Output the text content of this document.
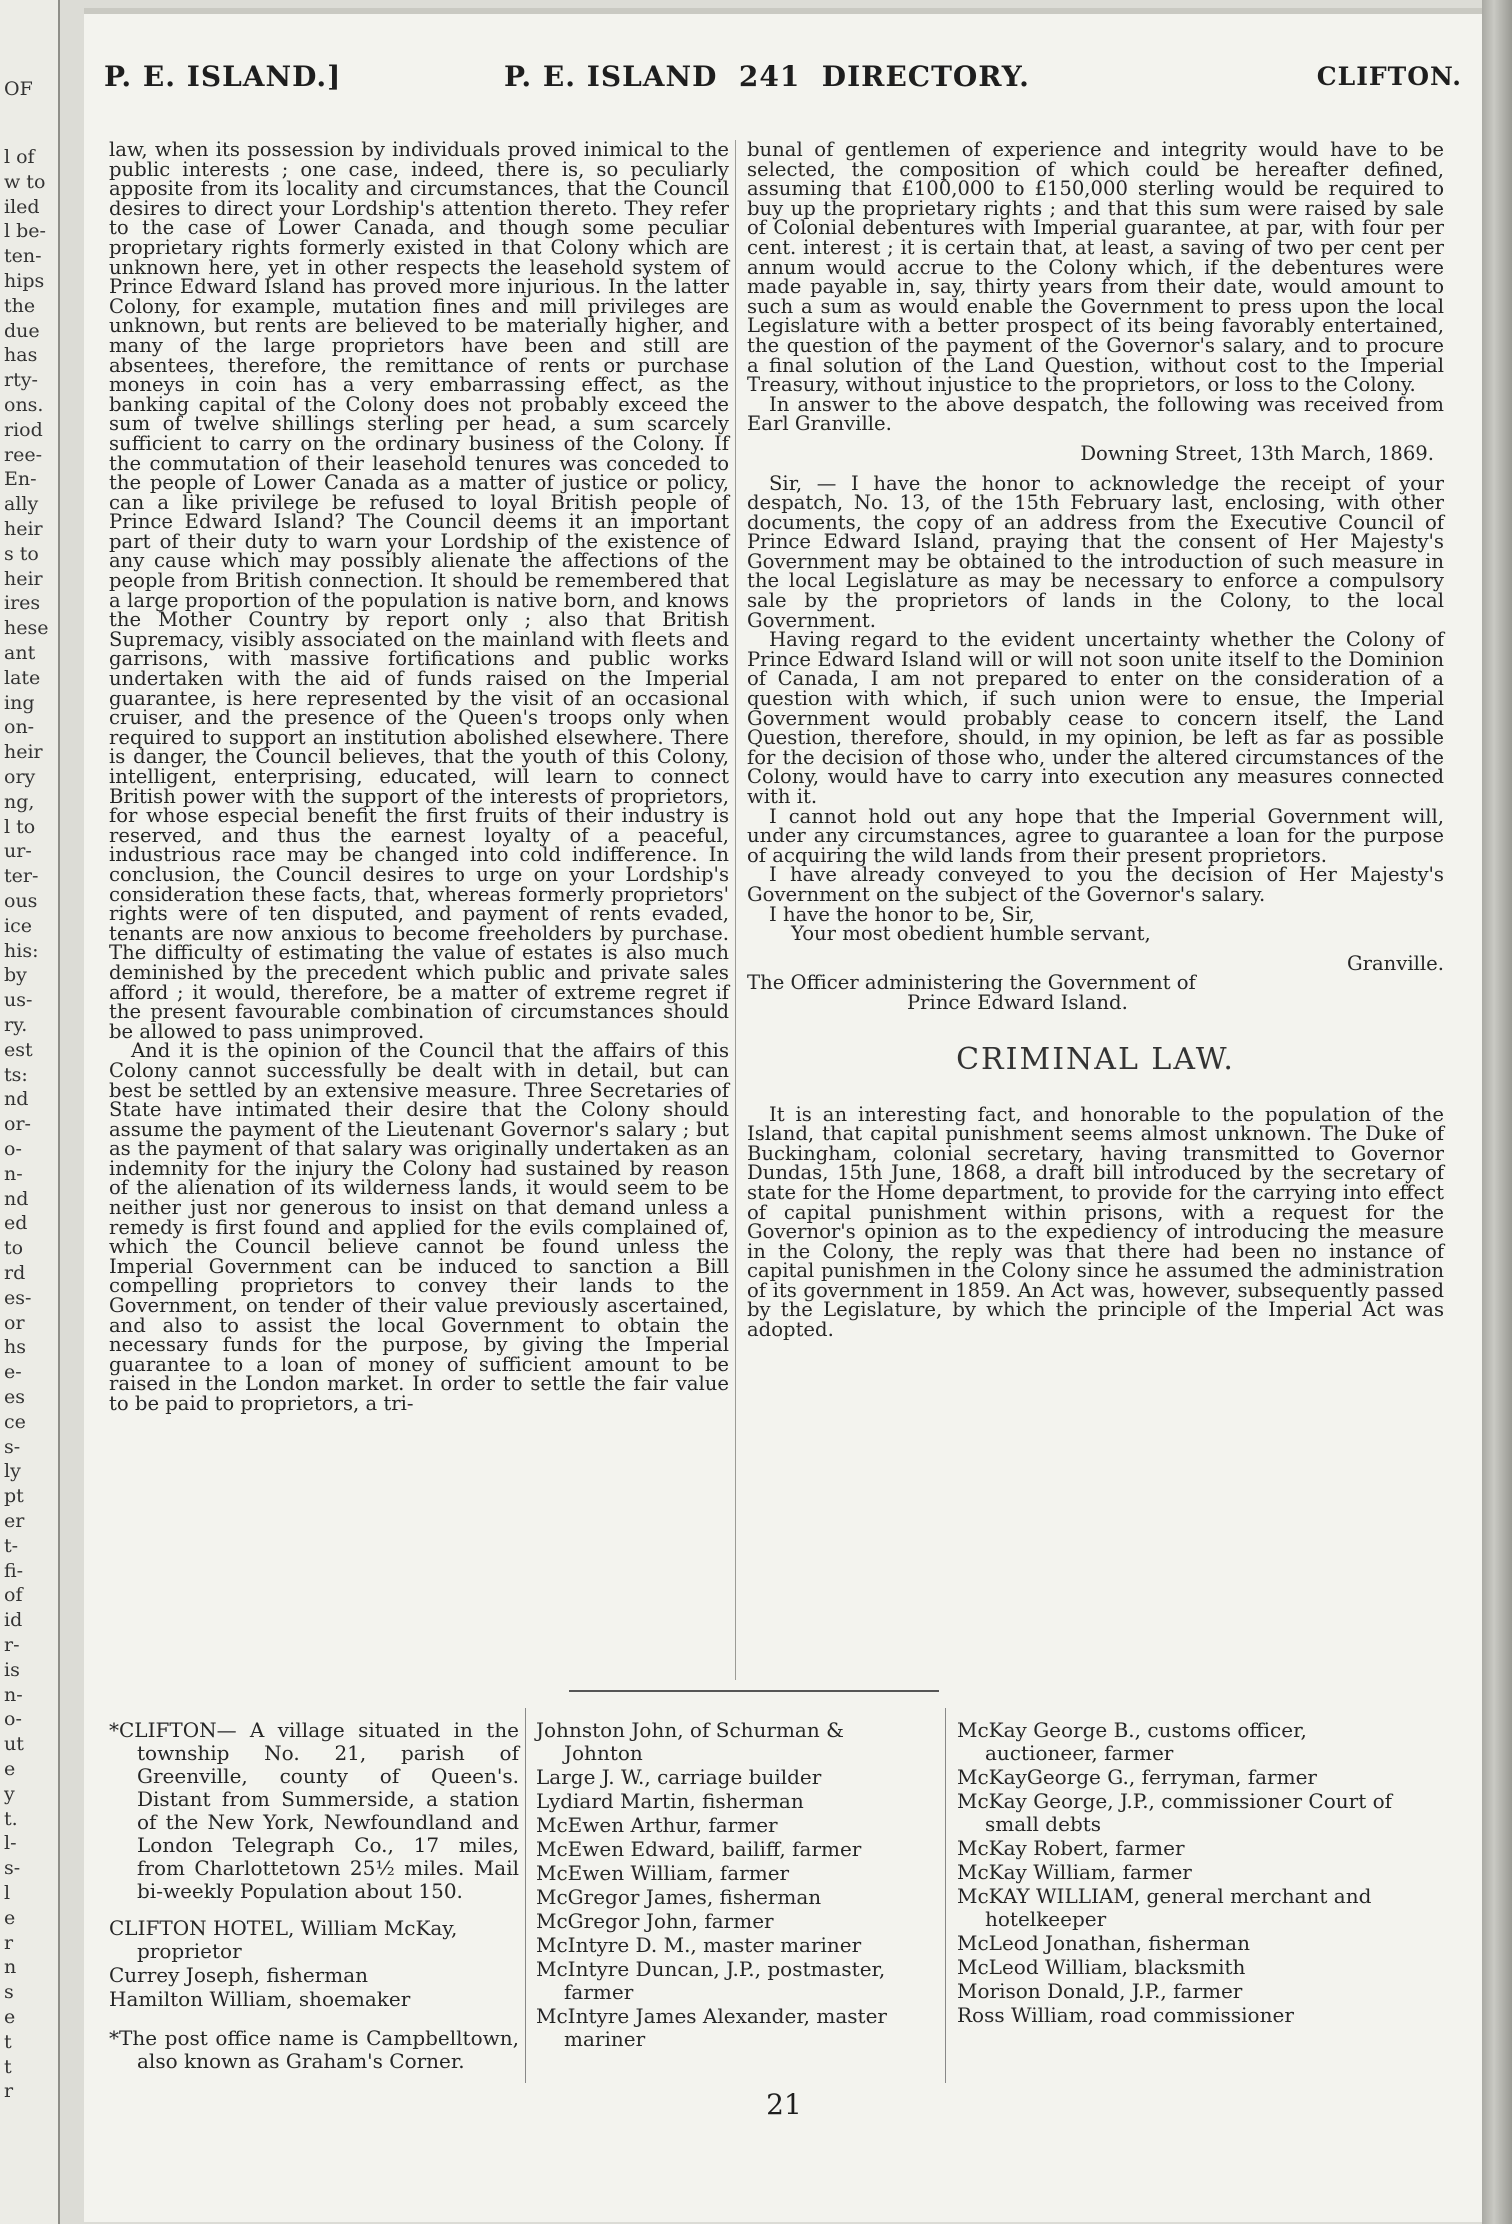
OF
l of
w to
iled
l be-
ten-
hips
the
due
has
rty-
ons.
riod
ree-
En-
ally
heir
s to
heir
ires
hese
ant
late
ing
on-
heir
ory
ng,
l to
ur-
ter-
ous
ice
his:
by
us-
ry.
est
ts:
nd
or-
o-
n-
nd
ed
to
rd
es-
or
hs
e-
es
ce
s-
ly
pt
er
t-
fi-
of
id
r-
is
n-
o-
ut
e
y
t.
l-
s-
l
e
r
n
s
e
t
t
r
P. E. ISLAND.]	P. E. ISLAND  241  DIRECTORY.	CLIFTON.

law, when its possession by individuals proved inimical to the public interests ; one case, indeed, there is, so peculiarly apposite from its locality and circumstances, that the Council desires to direct your Lordship's attention thereto. They refer to the case of Lower Canada, and though some peculiar proprietary rights formerly existed in that Colony which are unknown here, yet in other respects the leasehold system of Prince Edward Island has proved more injurious. In the latter Colony, for example, mutation fines and mill privileges are unknown, but rents are believed to be materially higher, and many of the large proprietors have been and still are absentees, therefore, the remittance of rents or purchase moneys in coin has a very embarrassing effect, as the banking capital of the Colony does not probably exceed the sum of twelve shillings sterling per head, a sum scarcely sufficient to carry on the ordinary business of the Colony. If the commutation of their leasehold tenures was conceded to the people of Lower Canada as a matter of justice or policy, can a like privilege be refused to loyal British people of Prince Edward Island? The Council deems it an important part of their duty to warn your Lordship of the existence of any cause which may possibly alienate the affections of the people from British connection. It should be remembered that a large proportion of the population is native born, and knows the Mother Country by report only ; also that British Supremacy, visibly associated on the mainland with fleets and garrisons, with massive fortifications and public works undertaken with the aid of funds raised on the Imperial guarantee, is here represented by the visit of an occasional cruiser, and the presence of the Queen's troops only when required to support an institution abolished elsewhere. There is danger, the Council believes, that the youth of this Colony, intelligent, enterprising, educated, will learn to connect British power with the support of the interests of proprietors, for whose especial benefit the first fruits of their industry is reserved, and thus the earnest loyalty of a peaceful, industrious race may be changed into cold indifference. In conclusion, the Council desires to urge on your Lordship's consideration these facts, that, whereas formerly proprietors' rights were of ten disputed, and payment of rents evaded, tenants are now anxious to become freeholders by purchase. The difficulty of estimating the value of estates is also much deminished by the precedent which public and private sales afford ; it would, therefore, be a matter of extreme regret if the present favourable combination of circumstances should be allowed to pass unimproved.

And it is the opinion of the Council that the affairs of this Colony cannot successfully be dealt with in detail, but can best be settled by an extensive measure. Three Secretaries of State have intimated their desire that the Colony should assume the payment of the Lieutenant Governor's salary ; but as the payment of that salary was originally undertaken as an indemnity for the injury the Colony had sustained by reason of the alienation of its wilderness lands, it would seem to be neither just nor generous to insist on that demand unless a remedy is first found and applied for the evils complained of, which the Council believe cannot be found unless the Imperial Government can be induced to sanction a Bill compelling proprietors to convey their lands to the Government, on tender of their value previously ascertained, and also to assist the local Government to obtain the necessary funds for the purpose, by giving the Imperial guarantee to a loan of money of sufficient amount to be raised in the London market. In order to settle the fair value to be paid to proprietors, a tri-

bunal of gentlemen of experience and integrity would have to be selected, the composition of which could be hereafter defined, assuming that £100,000 to £150,000 sterling would be required to buy up the proprietary rights ; and that this sum were raised by sale of Colonial debentures with Imperial guarantee, at par, with four per cent. interest ; it is certain that, at least, a saving of two per cent per annum would accrue to the Colony which, if the debentures were made payable in, say, thirty years from their date, would amount to such a sum as would enable the Government to press upon the local Legislature with a better prospect of its being favorably entertained, the question of the payment of the Governor's salary, and to procure a final solution of the Land Question, without cost to the Imperial Treasury, without injustice to the proprietors, or loss to the Colony.

In answer to the above despatch, the following was received from Earl Granville.

Downing Street, 13th March, 1869.

Sir, — I have the honor to acknowledge the receipt of your despatch, No. 13, of the 15th February last, enclosing, with other documents, the copy of an address from the Executive Council of Prince Edward Island, praying that the consent of Her Majesty's Government may be obtained to the introduction of such measure in the local Legislature as may be necessary to enforce a compulsory sale by the proprietors of lands in the Colony, to the local Government.

Having regard to the evident uncertainty whether the Colony of Prince Edward Island will or will not soon unite itself to the Dominion of Canada, I am not prepared to enter on the consideration of a question with which, if such union were to ensue, the Imperial Government would probably cease to concern itself, the Land Question, therefore, should, in my opinion, be left as far as possible for the decision of those who, under the altered circumstances of the Colony, would have to carry into execution any measures connected with it.

I cannot hold out any hope that the Imperial Government will, under any circumstances, agree to guarantee a loan for the purpose of acquiring the wild lands from their present proprietors.

I have already conveyed to you the decision of Her Majesty's Government on the subject of the Governor's salary.

I have the honor to be, Sir,

Your most obedient humble servant,

Granville.

The Officer administering the Government of

Prince Edward Island.

CRIMINAL LAW.

It is an interesting fact, and honorable to the population of the Island, that capital punishment seems almost unknown. The Duke of Buckingham, colonial secretary, having transmitted to Governor Dundas, 15th June, 1868, a draft bill introduced by the secretary of state for the Home department, to provide for the carrying into effect of capital punishment within prisons, with a request for the Governor's opinion as to the expediency of introducing the measure in the Colony, the reply was that there had been no instance of capital punishmen in the Colony since he assumed the administration of its government in 1859. An Act was, however, subsequently passed by the Legislature, by which the principle of the Imperial Act was adopted.

*CLIFTON— A village situated in the township No. 21, parish of Greenville, county of Queen's. Distant from Summerside, a station of the New York, Newfoundland and London Telegraph Co., 17 miles, from Charlottetown 25½ miles. Mail bi-weekly Population about 150.
CLIFTON HOTEL, William McKay, proprietor
Currey Joseph, fisherman
Hamilton William, shoemaker
*The post office name is Campbelltown, also known as Graham's Corner.
Johnston John, of Schurman & Johnton
Large J. W., carriage builder
Lydiard Martin, fisherman
McEwen Arthur, farmer
McEwen Edward, bailiff, farmer
McEwen William, farmer
McGregor James, fisherman
McGregor John, farmer
McIntyre D. M., master mariner
McIntyre Duncan, J.P., postmaster, farmer
McIntyre James Alexander, master mariner
McKay George B., customs officer, auctioneer, farmer
McKayGeorge G., ferryman, farmer
McKay George, J.P., commissioner Court of small debts
McKay Robert, farmer
McKay William, farmer
McKAY WILLIAM, general merchant and hotelkeeper
McLeod Jonathan, fisherman
McLeod William, blacksmith
Morison Donald, J.P., farmer
Ross William, road commissioner
21
